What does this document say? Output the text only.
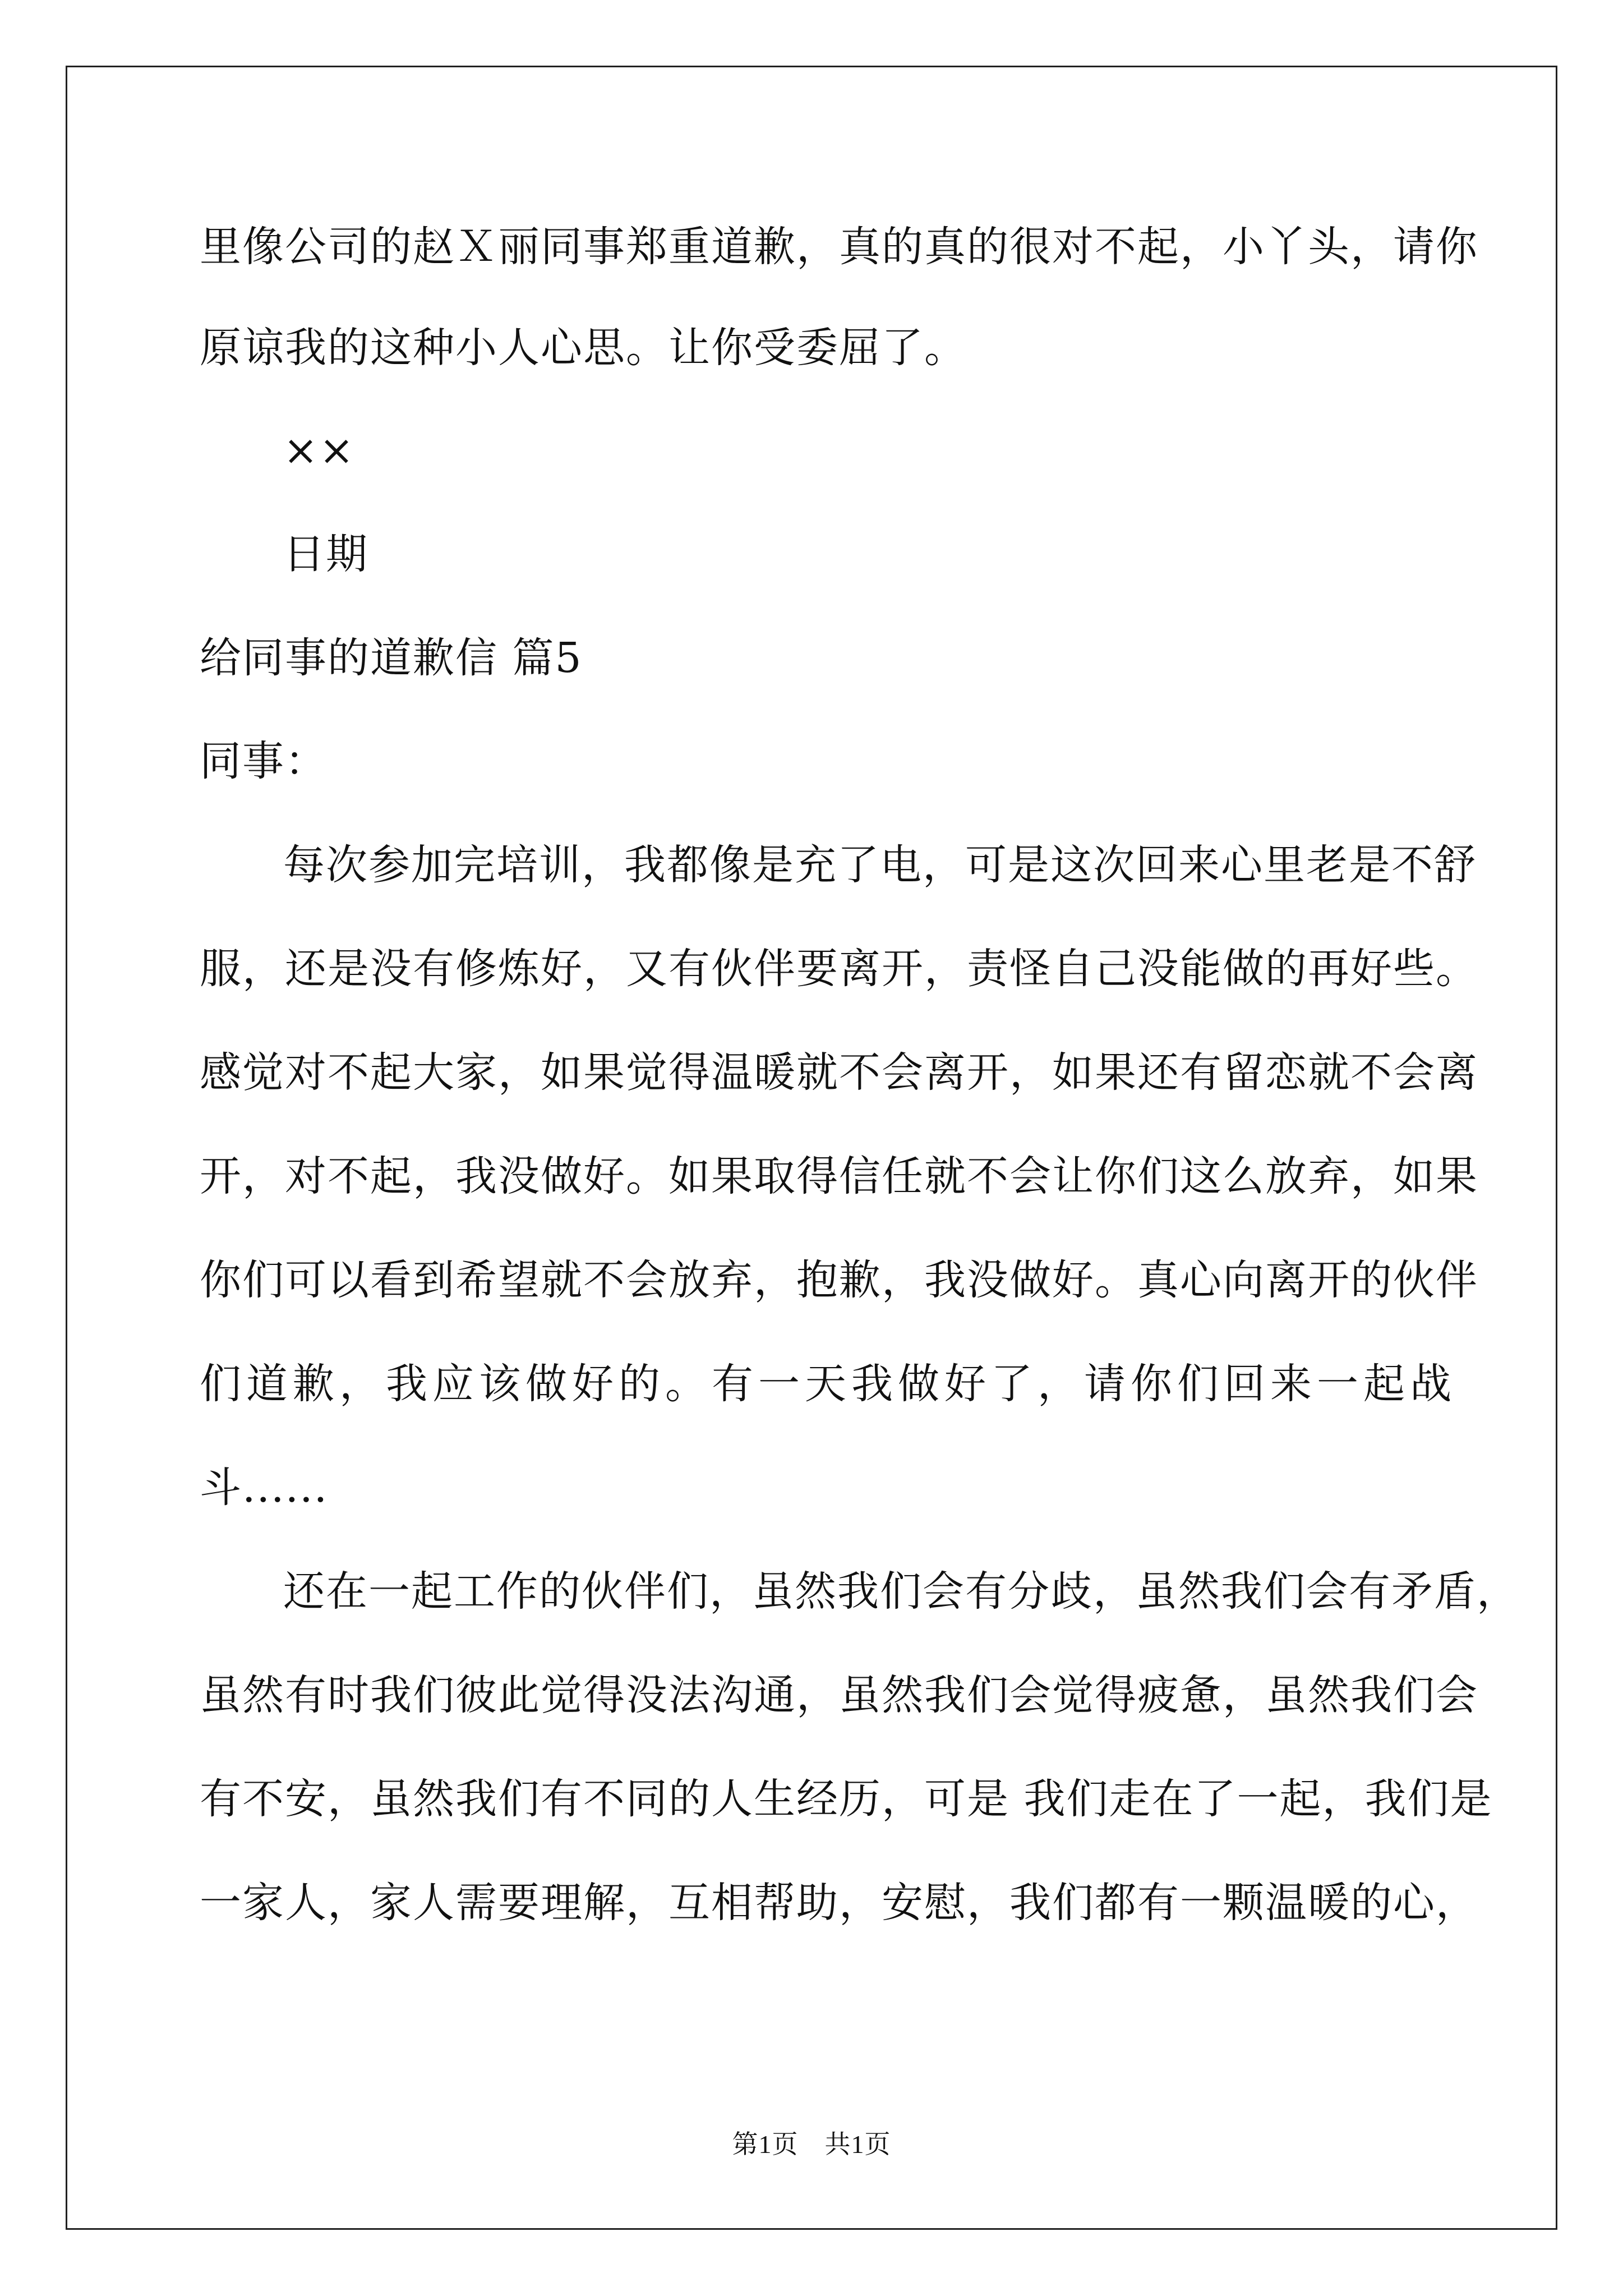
里像公司的赵Ｘ丽同事郑重道歉，真的真的很对不起，小丫头，请你
原谅我的这种小人心思。让你受委屈了。
××
日期
给同事的道歉信 篇5
同事：
每次参加完培训，我都像是充了电，可是这次回来心里老是不舒
服，还是没有修炼好，又有伙伴要离开，责怪自己没能做的再好些。
感觉对不起大家，如果觉得温暖就不会离开，如果还有留恋就不会离
开，对不起，我没做好。如果取得信任就不会让你们这么放弃，如果
你们可以看到希望就不会放弃，抱歉，我没做好。真心向离开的伙伴
们道歉，我应该做好的。有一天我做好了，请你们回来一起战
斗......
还在一起工作的伙伴们，虽然我们会有分歧，虽然我们会有矛盾，
虽然有时我们彼此觉得没法沟通，虽然我们会觉得疲惫，虽然我们会
有不安，虽然我们有不同的人生经历，可是 我们走在了一起，我们是
一家人，家人需要理解，互相帮助，安慰，我们都有一颗温暖的心，
第1页　共1页
